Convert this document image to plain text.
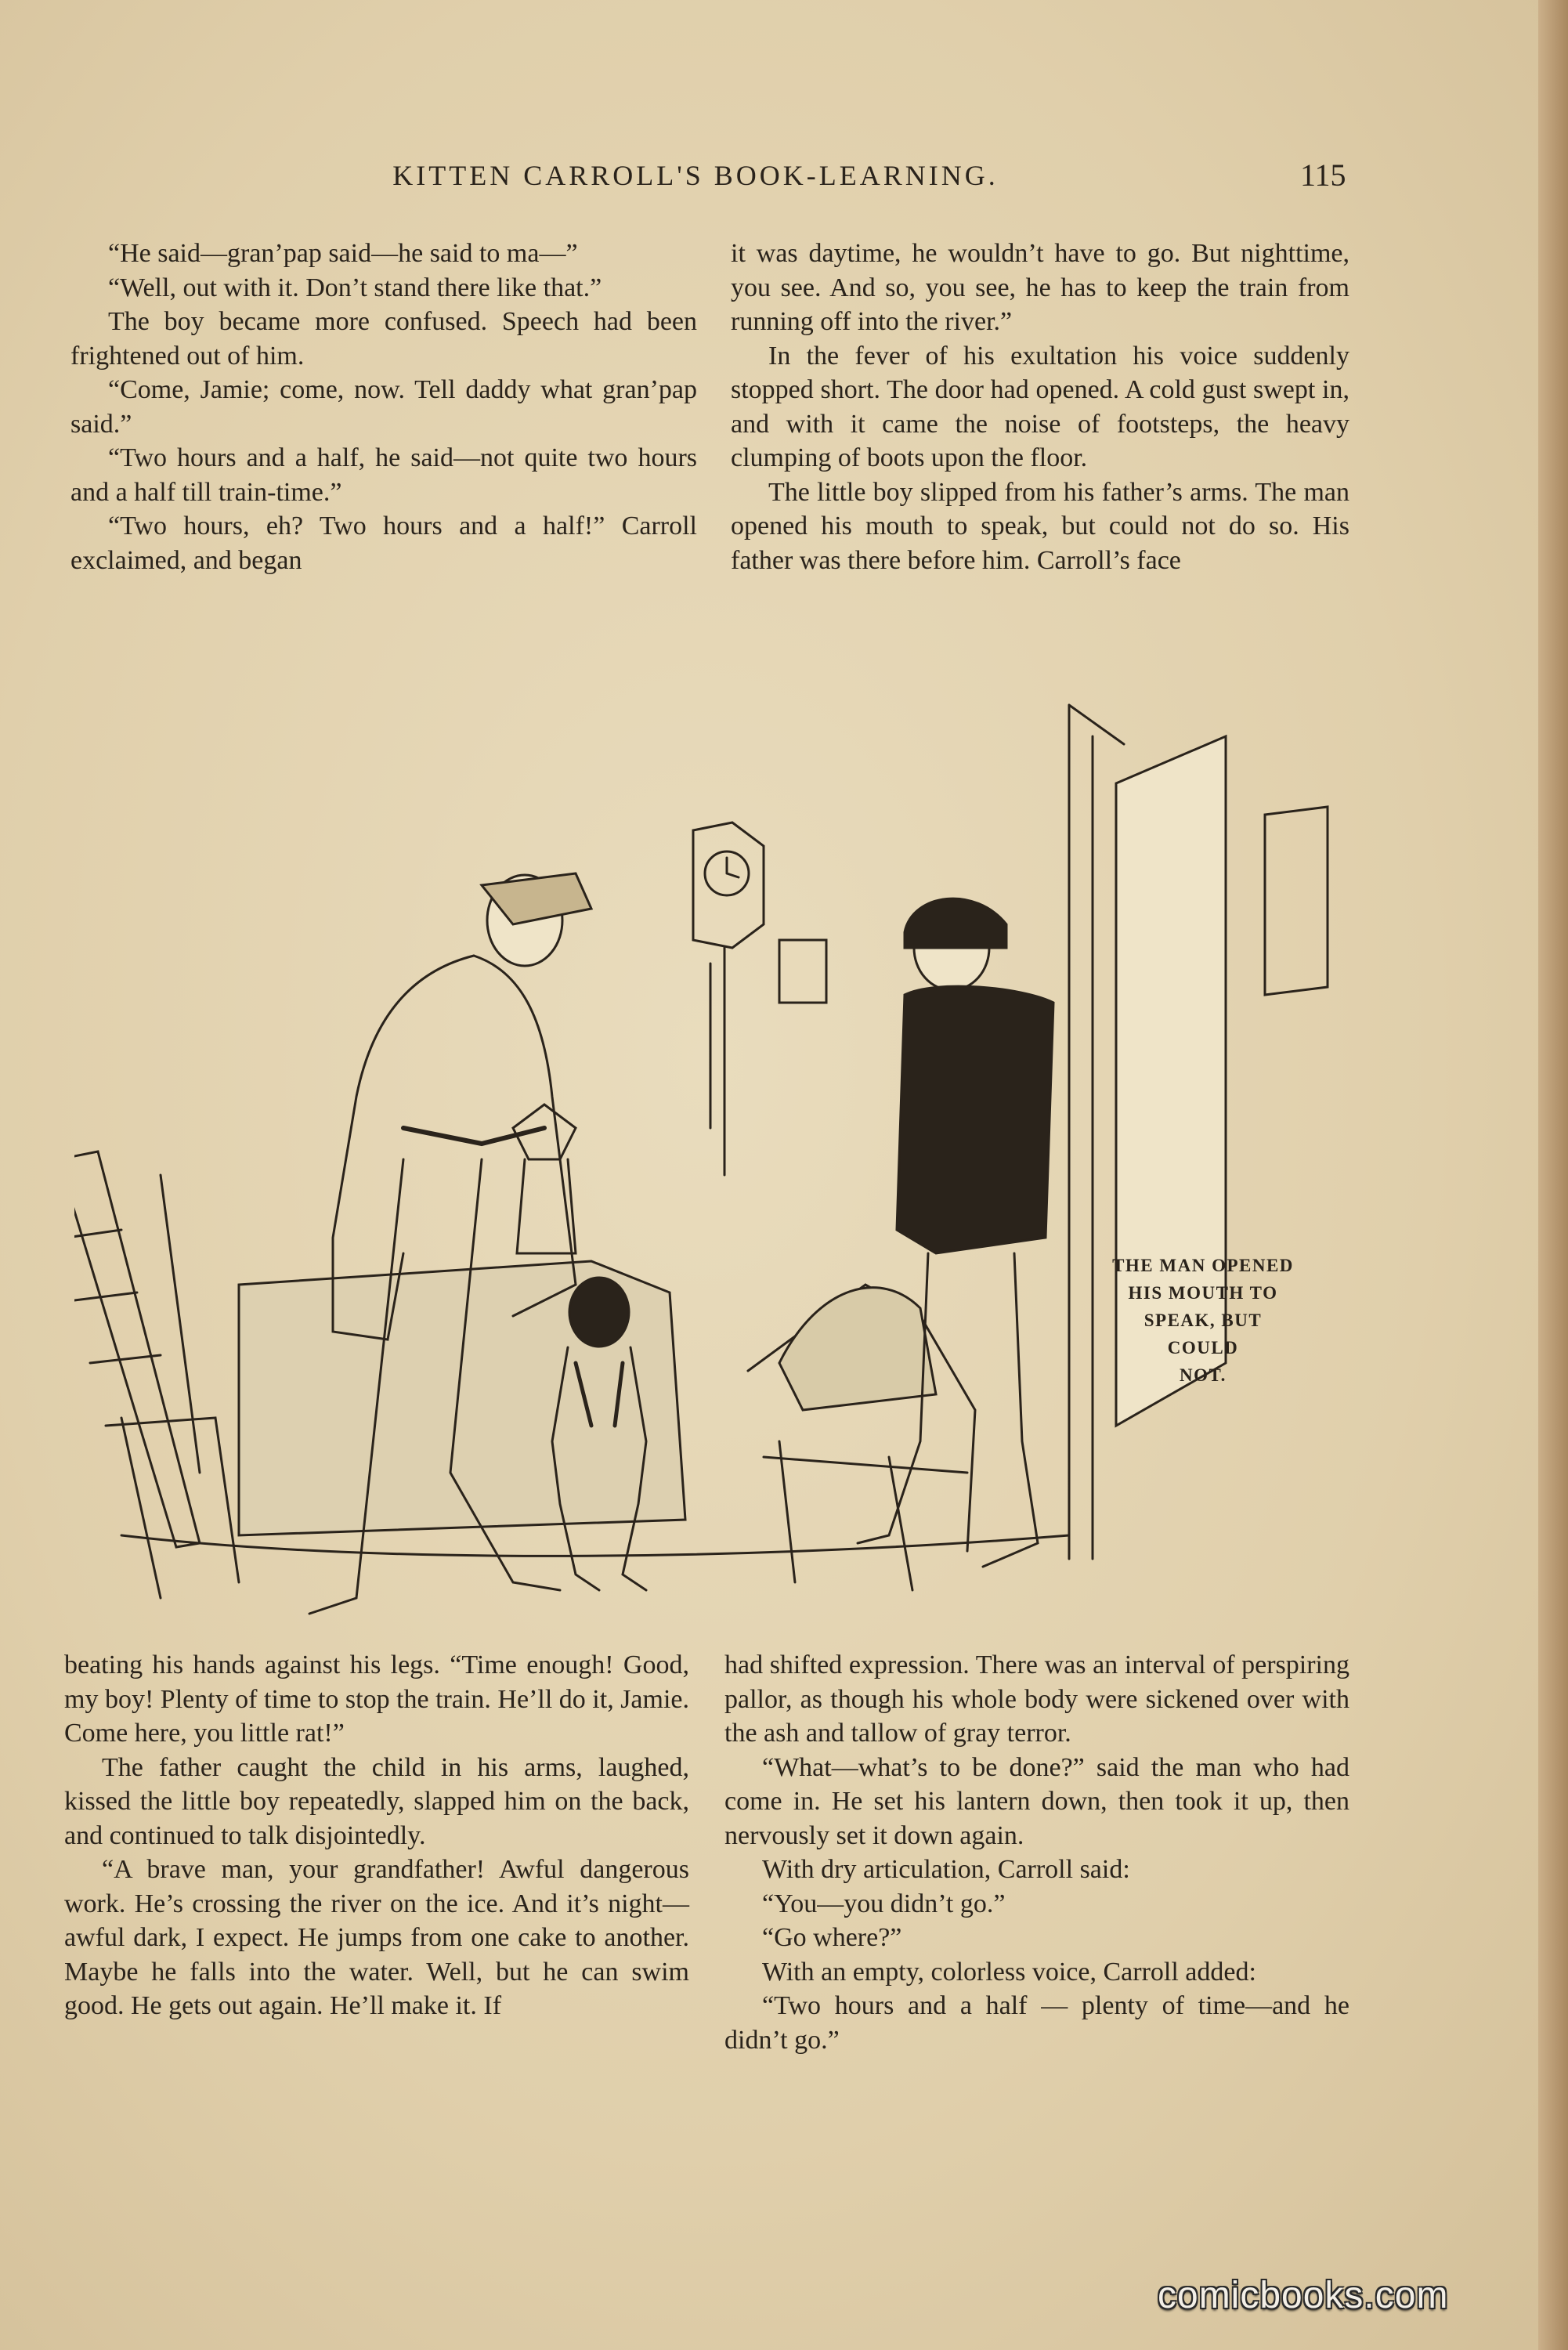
KITTEN CARROLL'S BOOK-LEARNING.	115

“He said—gran’pap said—he said to ma—”

“Well, out with it. Don’t stand there like that.”

The boy became more confused. Speech had been frightened out of him.

“Come, Jamie; come, now. Tell daddy what gran’pap said.”

“Two hours and a half, he said—not quite two hours and a half till train-time.”

“Two hours, eh? Two hours and a half!” Carroll exclaimed, and began

it was daytime, he wouldn’t have to go. But nighttime, you see. And so, you see, he has to keep the train from running off into the river.”

In the fever of his exultation his voice suddenly stopped short. The door had opened. A cold gust swept in, and with it came the noise of footsteps, the heavy clumping of boots upon the floor.

The little boy slipped from his father’s arms. The man opened his mouth to speak, but could not do so. His father was there before him. Carroll’s face

THE MAN OPENED
HIS MOUTH TO
SPEAK, BUT
COULD
NOT.

beating his hands against his legs. “Time enough! Good, my boy! Plenty of time to stop the train. He’ll do it, Jamie. Come here, you little rat!”

The father caught the child in his arms, laughed, kissed the little boy repeatedly, slapped him on the back, and continued to talk disjointedly.

“A brave man, your grandfather! Awful dangerous work. He’s crossing the river on the ice. And it’s night—awful dark, I expect. He jumps from one cake to another. Maybe he falls into the water. Well, but he can swim good. He gets out again. He’ll make it. If

had shifted expression. There was an interval of perspiring pallor, as though his whole body were sickened over with the ash and tallow of gray terror.

“What—what’s to be done?” said the man who had come in. He set his lantern down, then took it up, then nervously set it down again.

With dry articulation, Carroll said:

“You—you didn’t go.”

“Go where?”

With an empty, colorless voice, Carroll added:

“Two hours and a half — plenty of time—and he didn’t go.”

comicbooks.com
